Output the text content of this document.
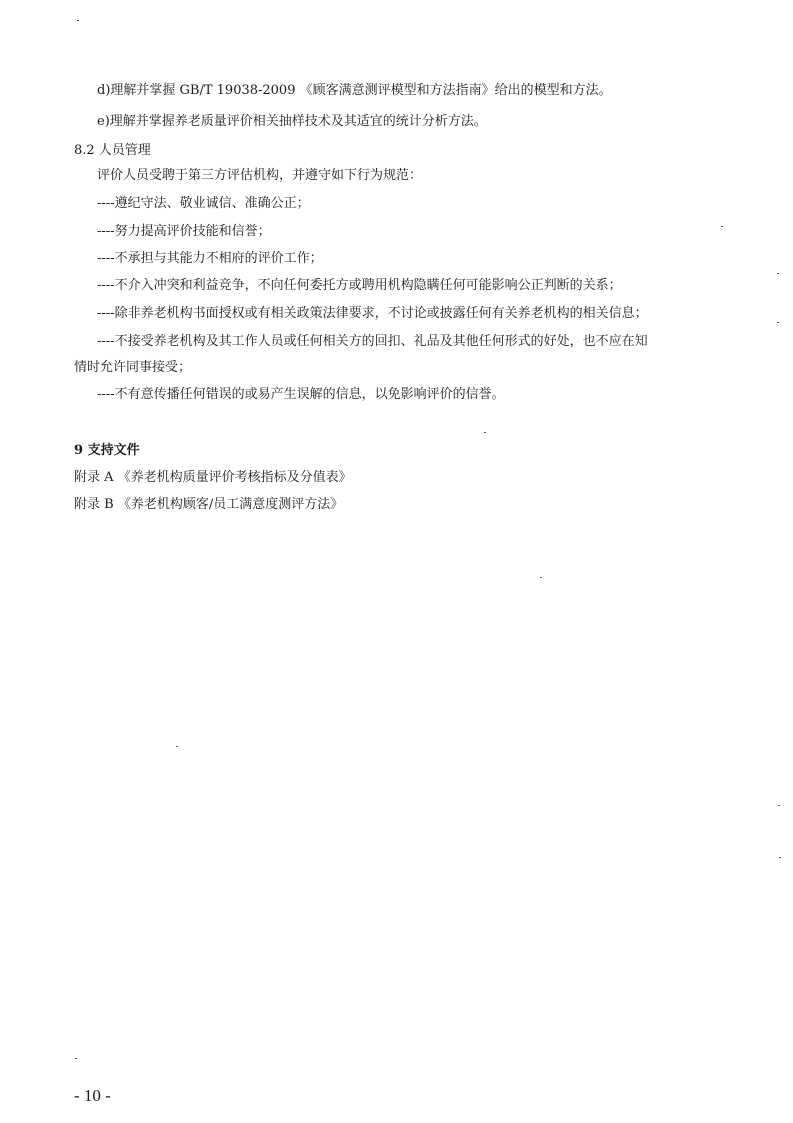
d)理解并掌握 GB/T 19038-2009 《顾客满意测评模型和方法指南》给出的模型和方法。
e)理解并掌握养老质量评价相关抽样技术及其适宜的统计分析方法。
8.2 人员管理
评价人员受聘于第三方评估机构，并遵守如下行为规范：
----遵纪守法、敬业诚信、准确公正；
----努力提高评价技能和信誉；
----不承担与其能力不相府的评价工作；
----不介入冲突和利益竞争，不向任何委托方或聘用机构隐瞒任何可能影响公正判断的关系；
----除非养老机构书面授权或有相关政策法律要求，不讨论或披露任何有关养老机构的相关信息；
----不接受养老机构及其工作人员或任何相关方的回扣、礼品及其他任何形式的好处，也不应在知
情时允许同事接受；
----不有意传播任何错误的或易产生误解的信息，以免影响评价的信誉。
9 支持文件
附录 A 《养老机构质量评价考核指标及分值表》
附录 B 《养老机构顾客/员工满意度测评方法》
- 10 -
